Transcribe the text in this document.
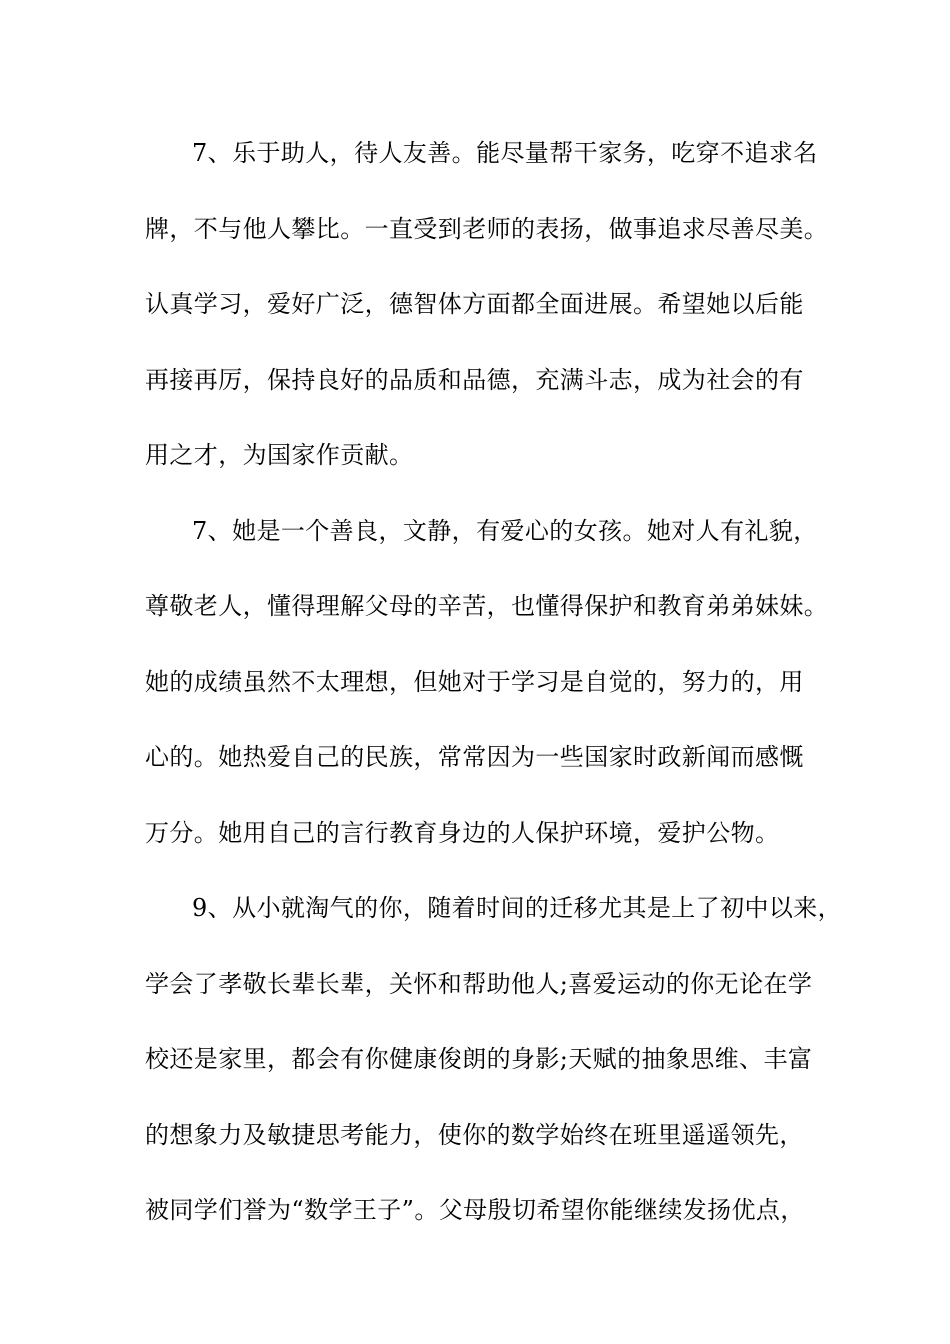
7、乐于助人，待人友善。能尽量帮干家务，吃穿不追求名
牌，不与他人攀比。一直受到老师的表扬，做事追求尽善尽美。
认真学习，爱好广泛，德智体方面都全面进展。希望她以后能
再接再厉，保持良好的品质和品德，充满斗志，成为社会的有
用之才，为国家作贡献。
7、她是一个善良，文静，有爱心的女孩。她对人有礼貌，
尊敬老人，懂得理解父母的辛苦，也懂得保护和教育弟弟妹妹。
她的成绩虽然不太理想，但她对于学习是自觉的，努力的，用
心的。她热爱自己的民族，常常因为一些国家时政新闻而感慨
万分。她用自己的言行教育身边的人保护环境，爱护公物。
9、从小就淘气的你，随着时间的迁移尤其是上了初中以来，
学会了孝敬长辈长辈，关怀和帮助他人;喜爱运动的你无论在学
校还是家里，都会有你健康俊朗的身影;天赋的抽象思维、丰富
的想象力及敏捷思考能力，使你的数学始终在班里遥遥领先，
被同学们誉为“数学王子”。父母殷切希望你能继续发扬优点，
